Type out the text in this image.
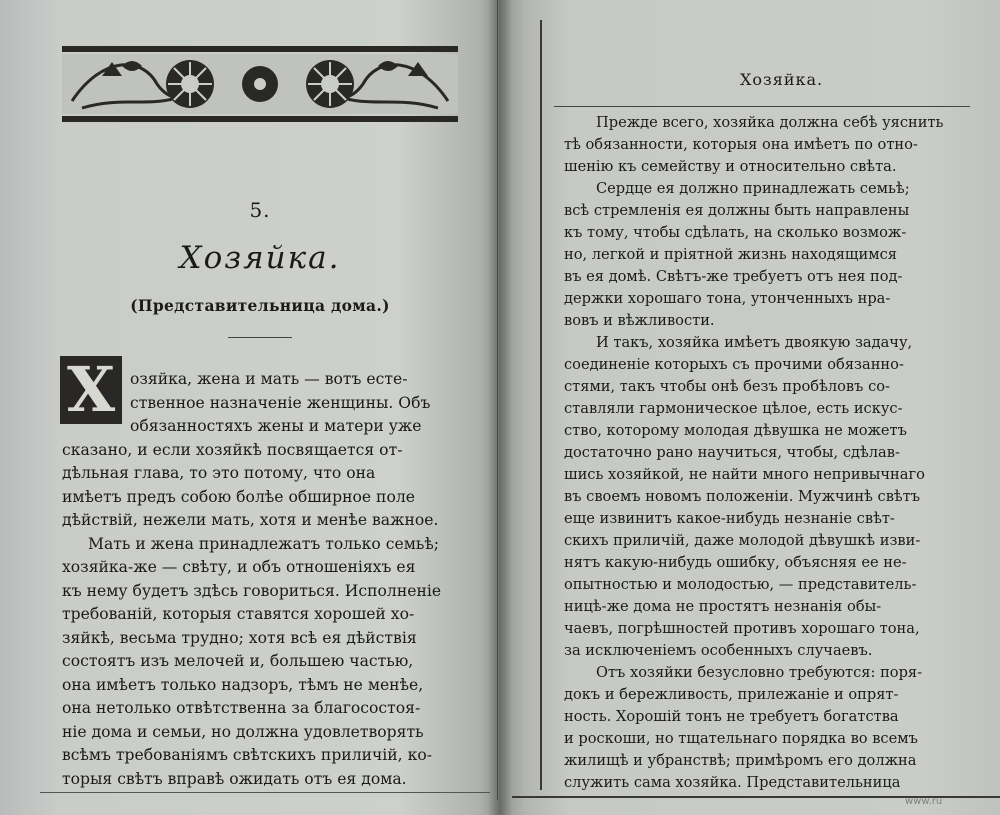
5.
Хозяйка.
(Представительница дома.)
Х озяйка, жена и мать — вотъ есте-
ственное назначенiе женщины. Объ
обязанностяхъ жены и матери уже
сказано, и если хозяйкѣ посвящается от-
дѣльная глава, то это потому, что она
имѣетъ предъ собою болѣе обширное поле
дѣйствiй, нежели мать, хотя и менѣе важное.
Мать и жена принадлежатъ только семьѣ;
хозяйка-же — свѣту, и объ отношенiяхъ ея
къ нему будетъ здѣсь говориться. Исполненiе
требованiй, которыя ставятся хорошей хо-
зяйкѣ, весьма трудно; хотя всѣ ея дѣйствiя
состоятъ изъ мелочей и, большею частью,
она имѣетъ только надзоръ, тѣмъ не менѣе,
она нетолько отвѣтственна за благосостоя-
нiе дома и семьи, но должна удовлетворять
всѣмъ требованiямъ свѣтскихъ приличiй, ко-
торыя свѣтъ вправѣ ожидать отъ ея дома.
Хозяйка.
Прежде всего, хозяйка должна себѣ уяснить
тѣ обязанности, которыя она имѣетъ по отно-
шенiю къ семейству и относительно свѣта.
Сердце ея должно принадлежать семьѣ;
всѣ стремленiя ея должны быть направлены
къ тому, чтобы сдѣлать, на сколько возмож-
но, легкой и прiятной жизнь находящимся
въ ея домѣ. Свѣтъ-же требуетъ отъ нея под-
держки хорошаго тона, утонченныхъ нра-
вовъ и вѣжливости.
И такъ, хозяйка имѣетъ двоякую задачу,
соединенiе которыхъ съ прочими обязанно-
стями, такъ чтобы онѣ безъ пробѣловъ со-
ставляли гармоническое цѣлое, есть искус-
ство, которому молодая дѣвушка не можетъ
достаточно рано научиться, чтобы, сдѣлав-
шись хозяйкой, не найти много непривычнаго
въ своемъ новомъ положенiи. Мужчинѣ свѣтъ
еще извинитъ какое-нибудь незнанiе свѣт-
скихъ приличiй, даже молодой дѣвушкѣ изви-
нятъ какую-нибудь ошибку, объясняя ее не-
опытностью и молодостью, — представитель-
ницѣ-же дома не простятъ незнанiя обы-
чаевъ, погрѣшностей противъ хорошаго тона,
за исключенiемъ особенныхъ случаевъ.
Отъ хозяйки безусловно требуются: поря-
докъ и бережливость, прилежанiе и опрят-
ность. Хорошiй тонъ не требуетъ богатства
и роскоши, но тщательнаго порядка во всемъ
жилищѣ и убранствѣ; примѣромъ его должна
служить сама хозяйка. Представительница
www.ru
